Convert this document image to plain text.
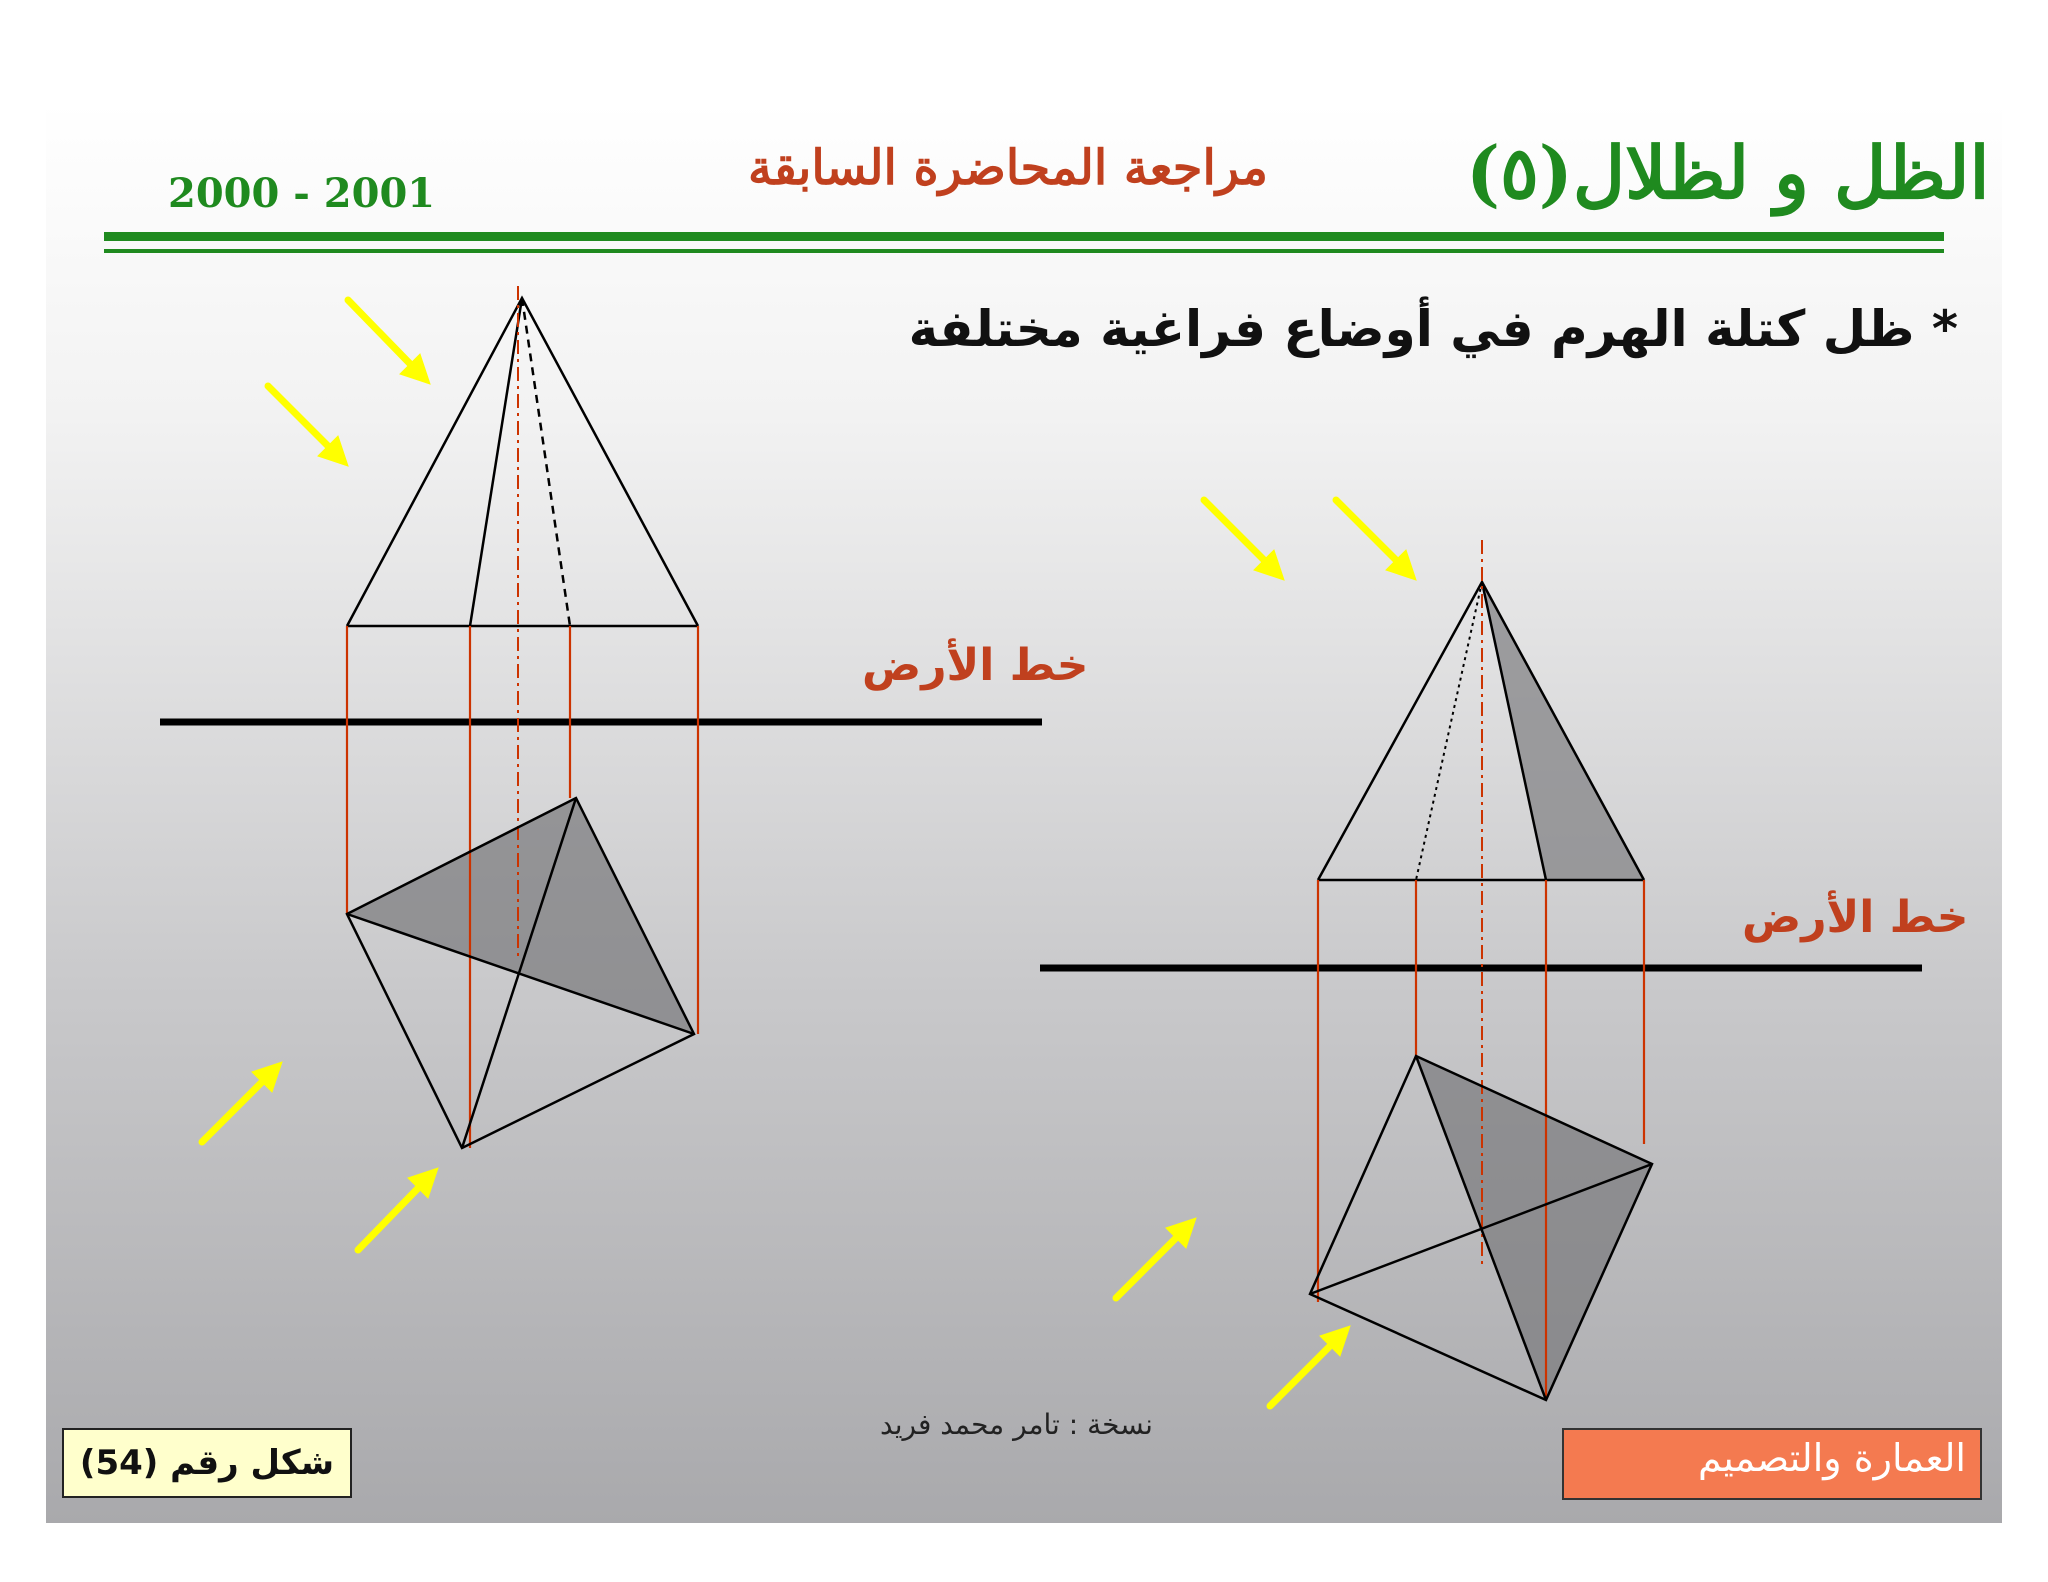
2000 - 2001	مراجعة المحاضرة السابقة	الظل و لظلال(٥)
* ظل كتلة الهرم في أوضاع فراغية مختلفة
خط الأرض
خط الأرض
نسخة : تامر محمد فريد
شكل رقم (54)	ﺍﻟﻌﻤﺎﺭﺓ ﻭﺍﻟﺘﺼﻤﻴﻢ
